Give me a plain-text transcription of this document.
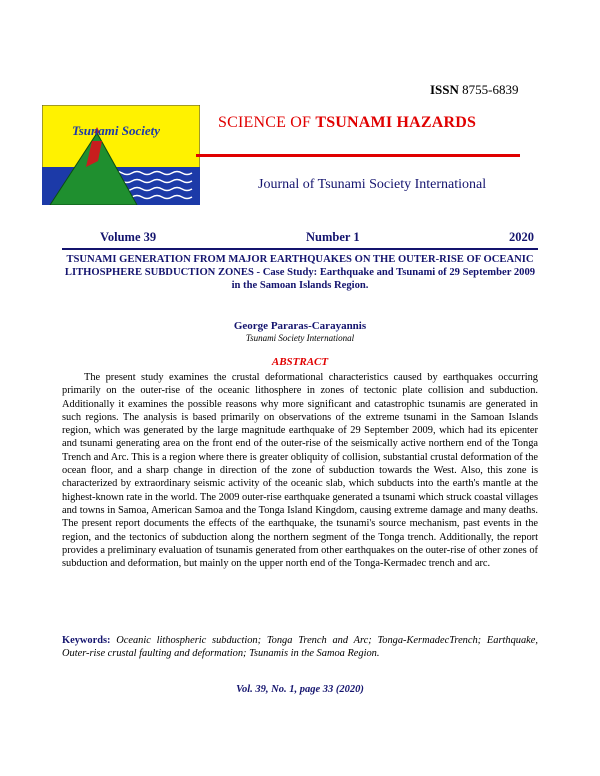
ISSN 8755-6839
Tsunami Society	SCIENCE OF TSUNAMI HAZARDS
Journal of Tsunami Society International
Volume 39	Number 1	2020
TSUNAMI GENERATION FROM MAJOR EARTHQUAKES ON THE OUTER-RISE OF OCEANIC LITHOSPHERE SUBDUCTION ZONES - Case Study: Earthquake and Tsunami of 29 September 2009 in the Samoan Islands Region.
George Pararas-Carayannis
Tsunami Society International
ABSTRACT
The present study examines the crustal deformational characteristics caused by earthquakes occurring primarily on the outer-rise of the oceanic lithosphere in zones of tectonic plate collision and subduction. Additionally it examines the possible reasons why more significant and catastrophic tsunamis are generated in such regions. The analysis is based primarily on observations of the extreme tsunami in the Samoan Islands region, which was generated by the large magnitude earthquake of 29 September 2009, which had its epicenter and tsunami generating area on the front end of the outer-rise of the seismically active northern end of the Tonga Trench and Arc. This is a region where there is greater obliquity of collision, substantial crustal deformation of the ocean floor, and a sharp change in direction of the zone of subduction towards the West. Also, this zone is characterized by extraordinary seismic activity of the oceanic slab, which subducts into the earth's mantle at the highest-known rate in the world. The 2009 outer-rise earthquake generated a tsunami which struck coastal villages and towns in Samoa, American Samoa and the Tonga Island Kingdom, causing extreme damage and many deaths. The present report documents the effects of the earthquake, the tsunami's source mechanism, past events in the region, and the tectonics of subduction along the northern segment of the Tonga trench. Additionally, the report provides a preliminary evaluation of tsunamis generated from other earthquakes on the outer-rise of other zones of subduction and deformation, but mainly on the upper north end of the Tonga-Kermadec trench and arc.
Keywords: Oceanic lithospheric subduction; Tonga Trench and Arc; Tonga-KermadecTrench; Earthquake, Outer-rise crustal faulting and deformation; Tsunamis in the Samoa Region.
Vol. 39, No. 1, page 33 (2020)
